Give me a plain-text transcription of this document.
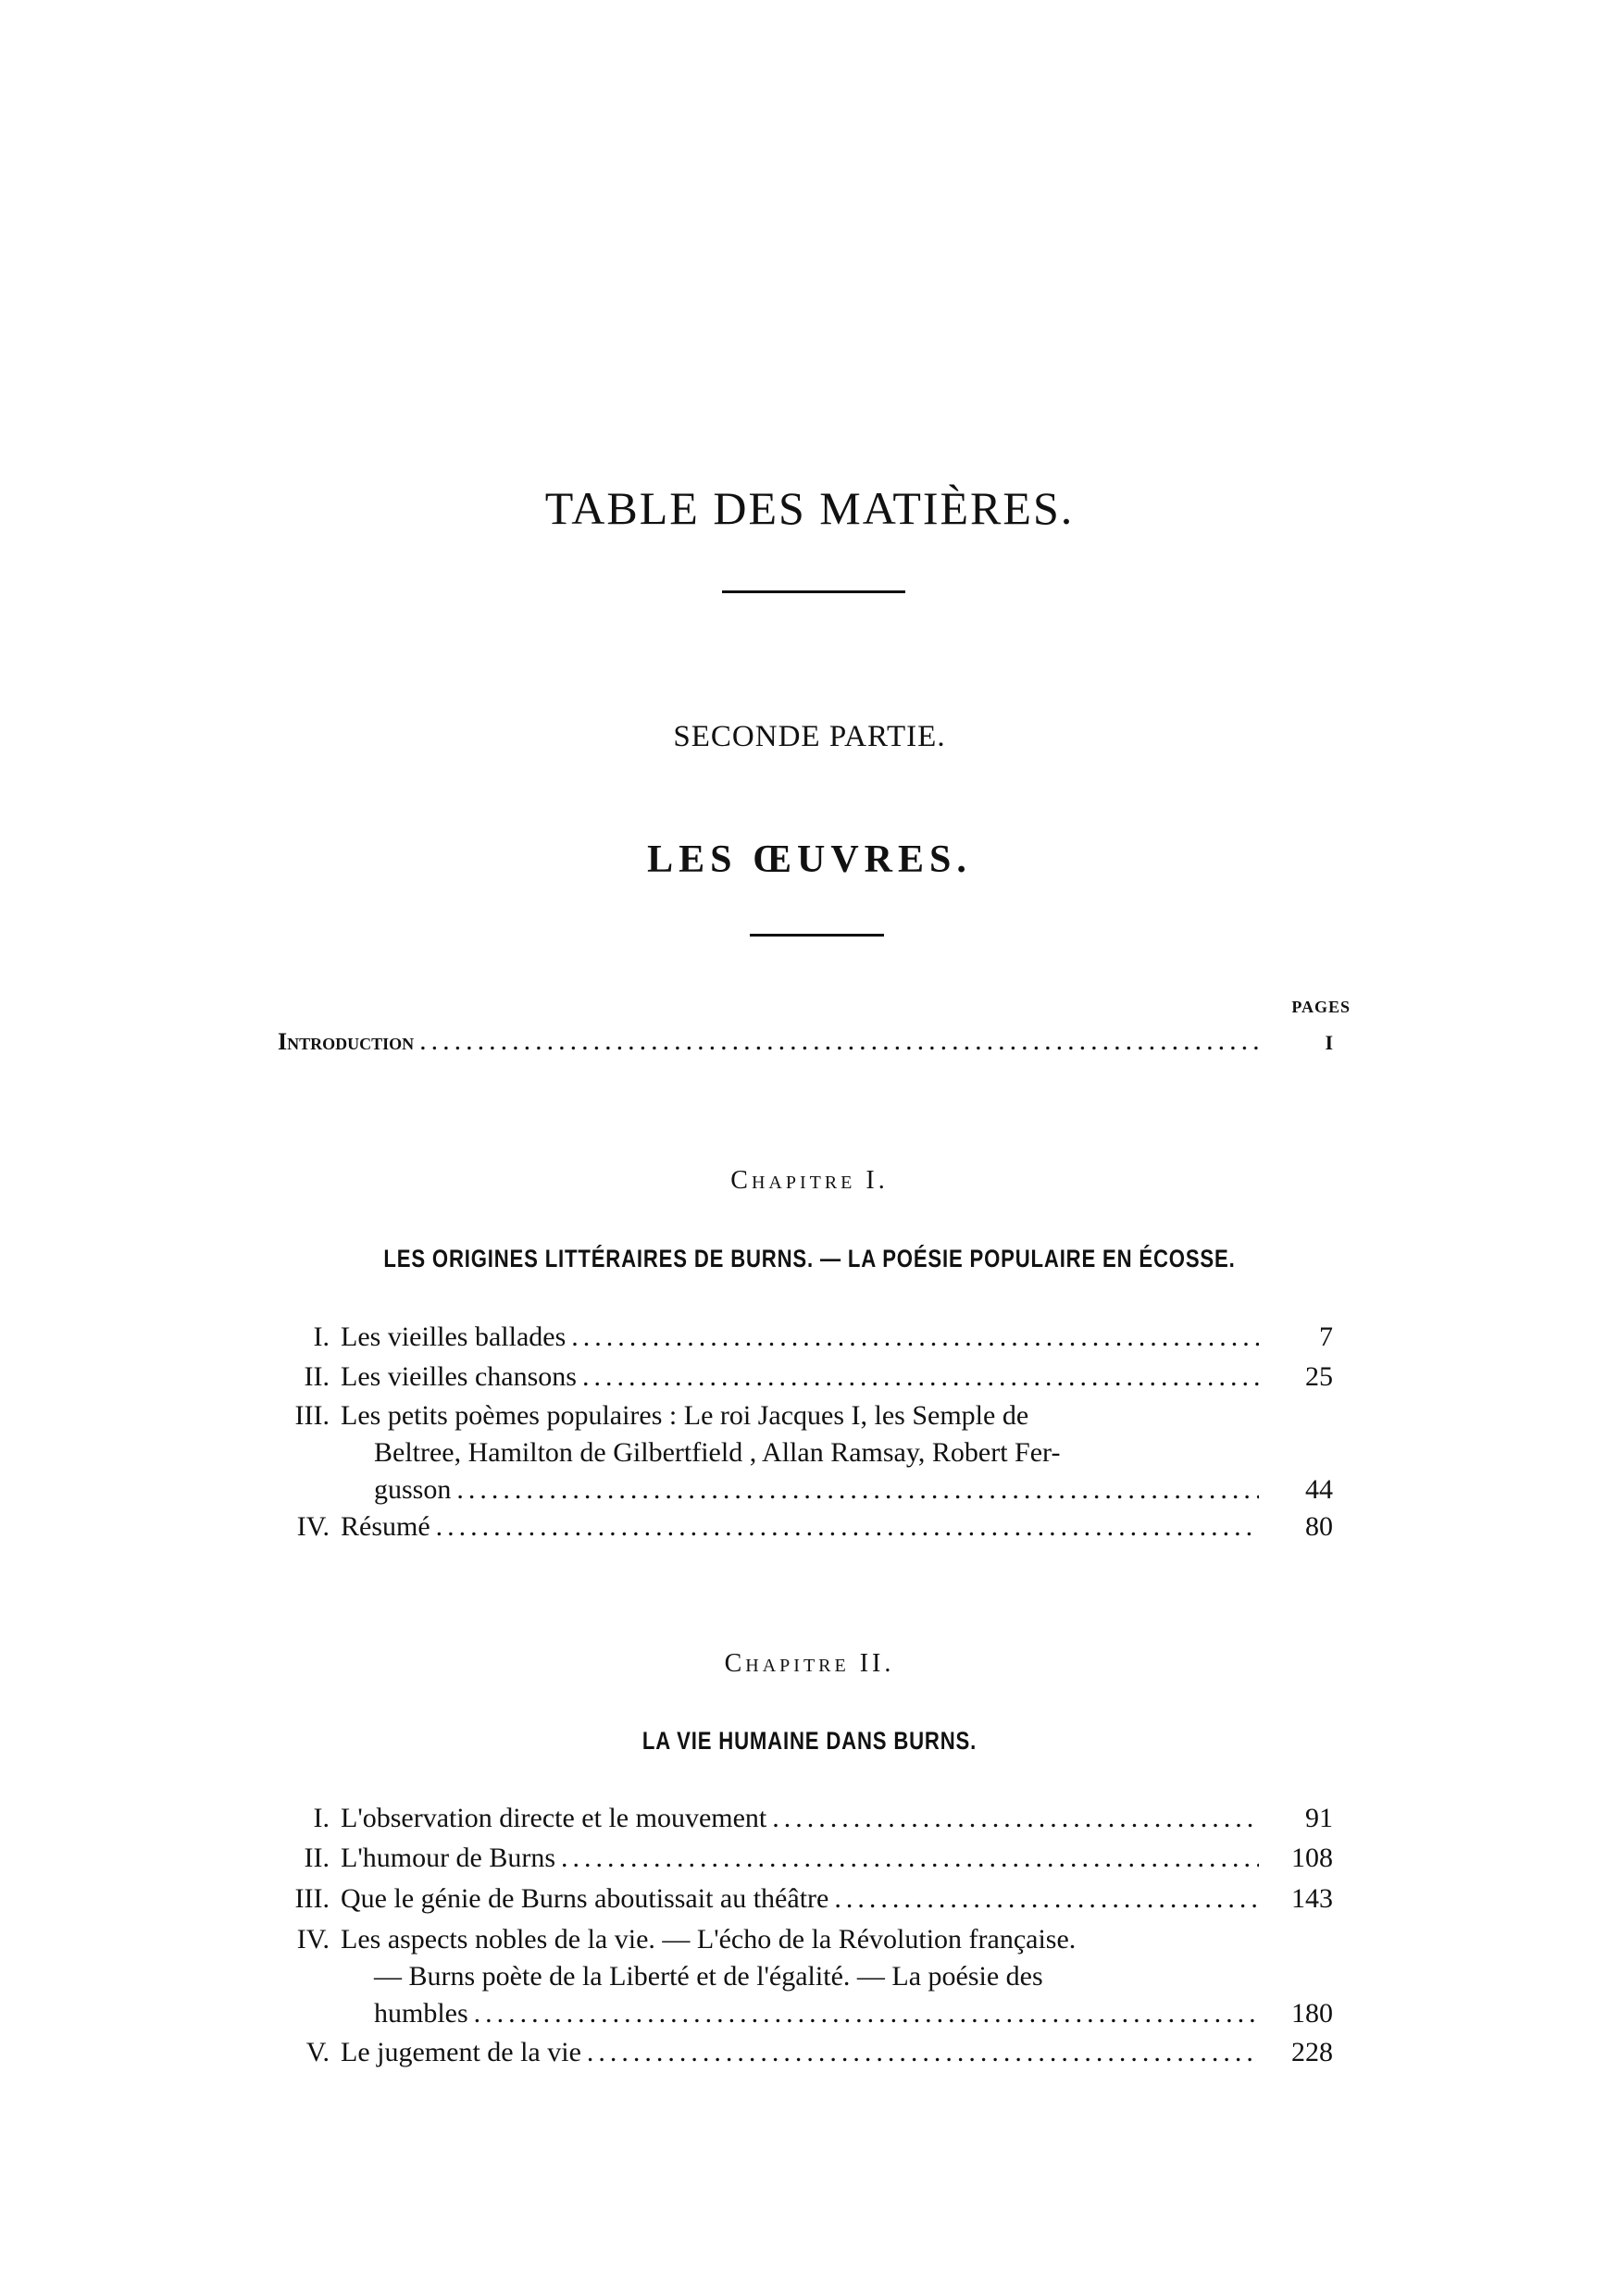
TABLE DES MATIÈRES.
SECONDE PARTIE.
LES ŒUVRES.
PAGES
Introduction .....	I
Chapitre I.
LES ORIGINES LITTÉRAIRES DE BURNS. — LA POÉSIE POPULAIRE EN ÉCOSSE.
I. Les vieilles ballades .....	7
II. Les vieilles chansons .....	25
III. Les petits poèmes populaires : Le roi Jacques I, les Semple de
Beltree, Hamilton de Gilbertfield , Allan Ramsay, Robert Fer-
gusson .....	44
IV. Résumé .....	80
Chapitre II.
LA VIE HUMAINE DANS BURNS.
I. L'observation directe et le mouvement .....	91
II. L'humour de Burns .....	108
III. Que le génie de Burns aboutissait au théâtre .....	143
IV. Les aspects nobles de la vie. — L'écho de la Révolution française.
— Burns poète de la Liberté et de l'égalité. — La poésie des
humbles .....	180
V. Le jugement de la vie .....	228
